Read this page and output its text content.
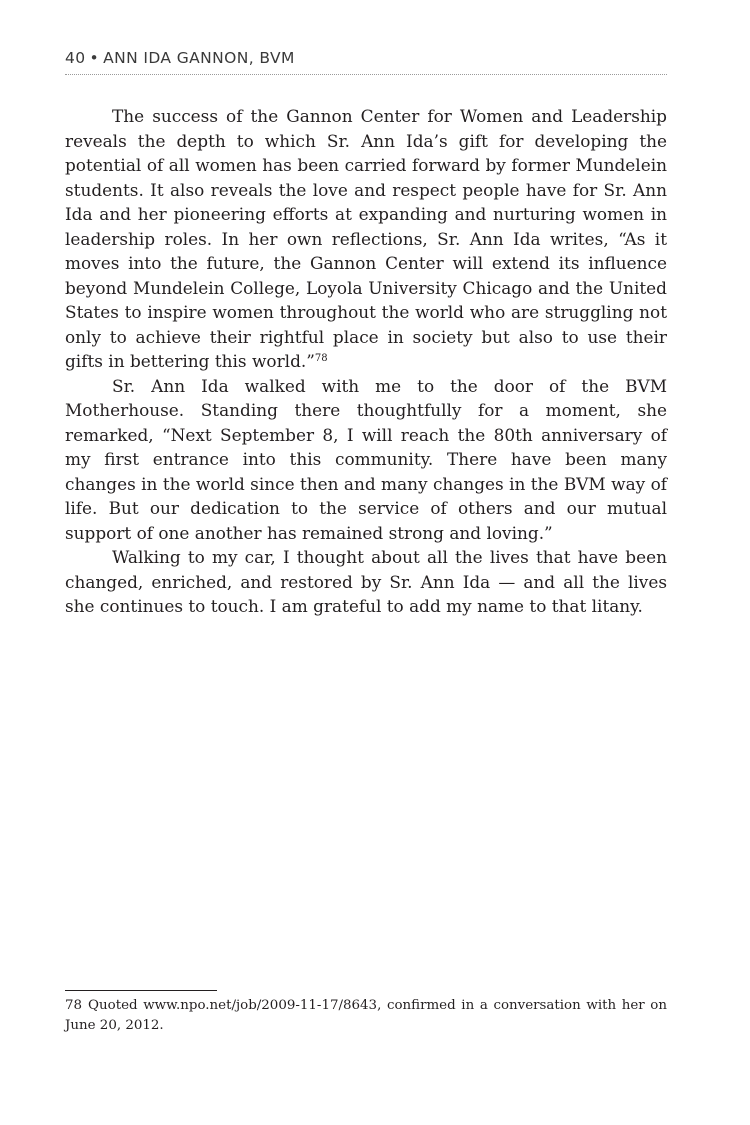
40 • ANN IDA GANNON, BVM

The success of the Gannon Center for Women and Leadership reveals the depth to which Sr. Ann Ida’s gift for developing the potential of all women has been carried forward by former Mundelein students. It also reveals the love and respect people have for Sr. Ann Ida and her pioneering efforts at expanding and nurturing women in leadership roles. In her own reflections, Sr. Ann Ida writes, “As it moves into the future, the Gannon Center will extend its influence beyond Mundelein College, Loyola University Chicago and the United States to inspire women throughout the world who are struggling not only to achieve their rightful place in society but also to use their gifts in bettering this world.”$^{78}$

Sr. Ann Ida walked with me to the door of the BVM Motherhouse. Standing there thoughtfully for a moment, she remarked, “Next September 8, I will reach the 80th anniversary of my first entrance into this community. There have been many changes in the world since then and many changes in the BVM way of life. But our dedication to the service of others and our mutual support of one another has remained strong and loving.”

Walking to my car, I thought about all the lives that have been changed, enriched, and restored by Sr. Ann Ida — and all the lives she continues to touch. I am grateful to add my name to that litany.

78 Quoted www.npo.net/job/2009-11-17/8643, confirmed in a conversation with her on June 20, 2012.
